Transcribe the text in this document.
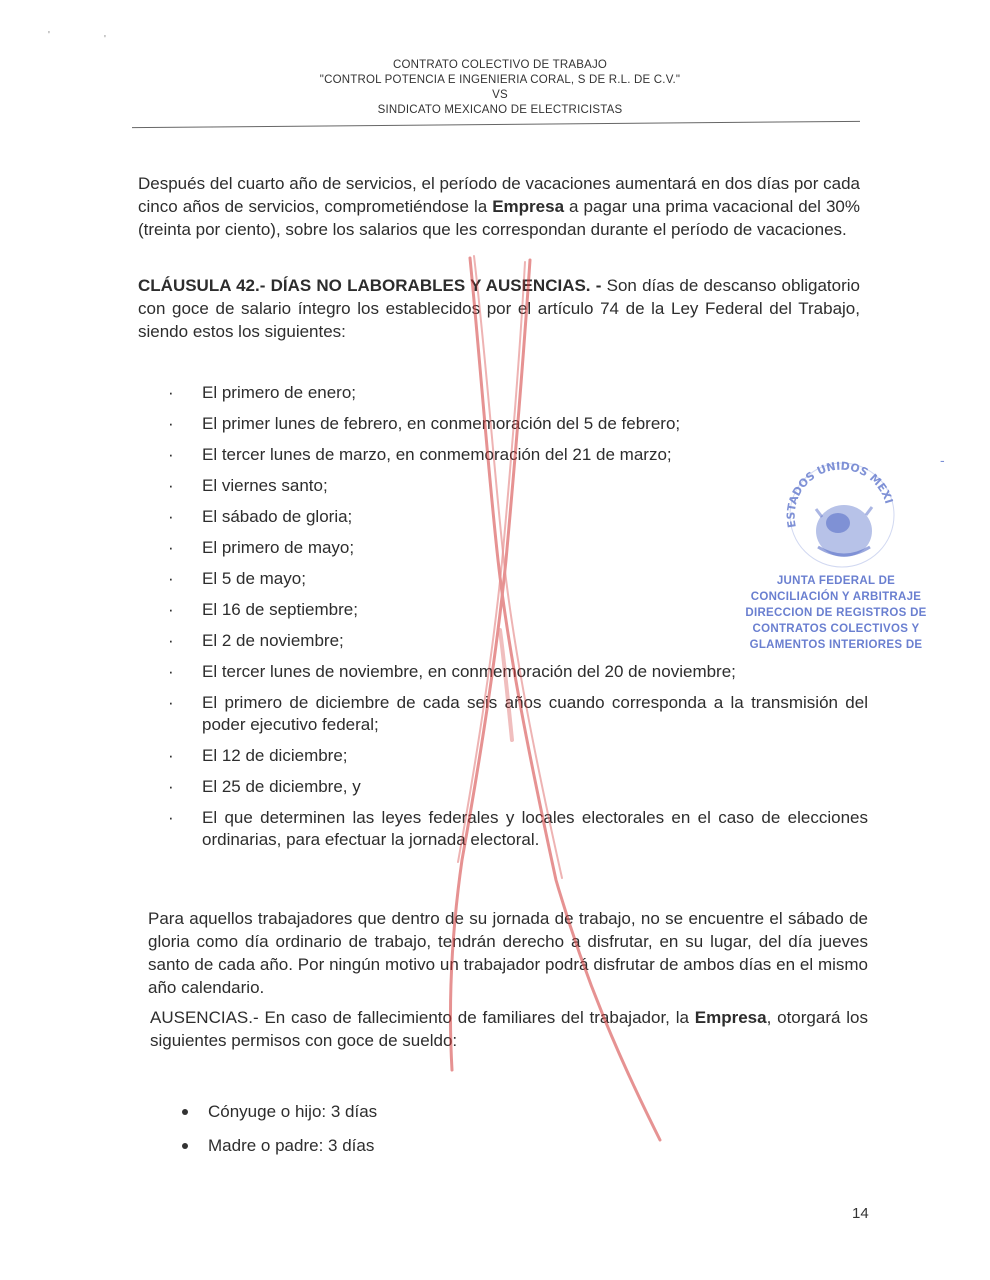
'	'
CONTRATO COLECTIVO DE TRABAJO
"CONTROL POTENCIA E INGENIERIA CORAL, S DE R.L. DE C.V."
VS
SINDICATO MEXICANO DE ELECTRICISTAS
Después del cuarto año de servicios, el período de vacaciones aumentará en dos días por cada cinco años de servicios, comprometiéndose la Empresa a pagar una prima vacacional del 30% (treinta por ciento), sobre los salarios que les correspondan durante el período de vacaciones.
CLÁUSULA 42.- DÍAS NO LABORABLES Y AUSENCIAS. - Son días de descanso obligatorio con goce de salario íntegro los establecidos por el artículo 74 de la Ley Federal del Trabajo, siendo estos los siguientes:
· El primero de enero;
· El primer lunes de febrero, en conmemoración del 5 de febrero;
· El tercer lunes de marzo, en conmemoración del 21 de marzo;
· El viernes santo;
· El sábado de gloria;
· El primero de mayo;
· El 5 de mayo;
· El 16 de septiembre;
· El 2 de noviembre;
· El tercer lunes de noviembre, en conmemoración del 20 de noviembre;
· El primero de diciembre de cada seis años cuando corresponda a la transmisión del poder ejecutivo federal;
· El 12 de diciembre;
· El 25 de diciembre, y
· El que determinen las leyes federales y locales electorales en el caso de elecciones ordinarias, para efectuar la jornada electoral.
Para aquellos trabajadores que dentro de su jornada de trabajo, no se encuentre el sábado de gloria como día ordinario de trabajo, tendrán derecho a disfrutar, en su lugar, del día jueves santo de cada año. Por ningún motivo un trabajador podrá disfrutar de ambos días en el mismo año calendario.
AUSENCIAS.- En caso de fallecimiento de familiares del trabajador, la Empresa, otorgará los siguientes permisos con goce de sueldo:
Cónyuge o hijo: 3 días
Madre o padre: 3 días
14
ESTADOS UNIDOS MEXI
JUNTA FEDERAL DE
CONCILIACIÓN Y ARBITRAJE
DIRECCION DE REGISTROS DE
CONTRATOS COLECTIVOS Y
GLAMENTOS INTERIORES DE
-
